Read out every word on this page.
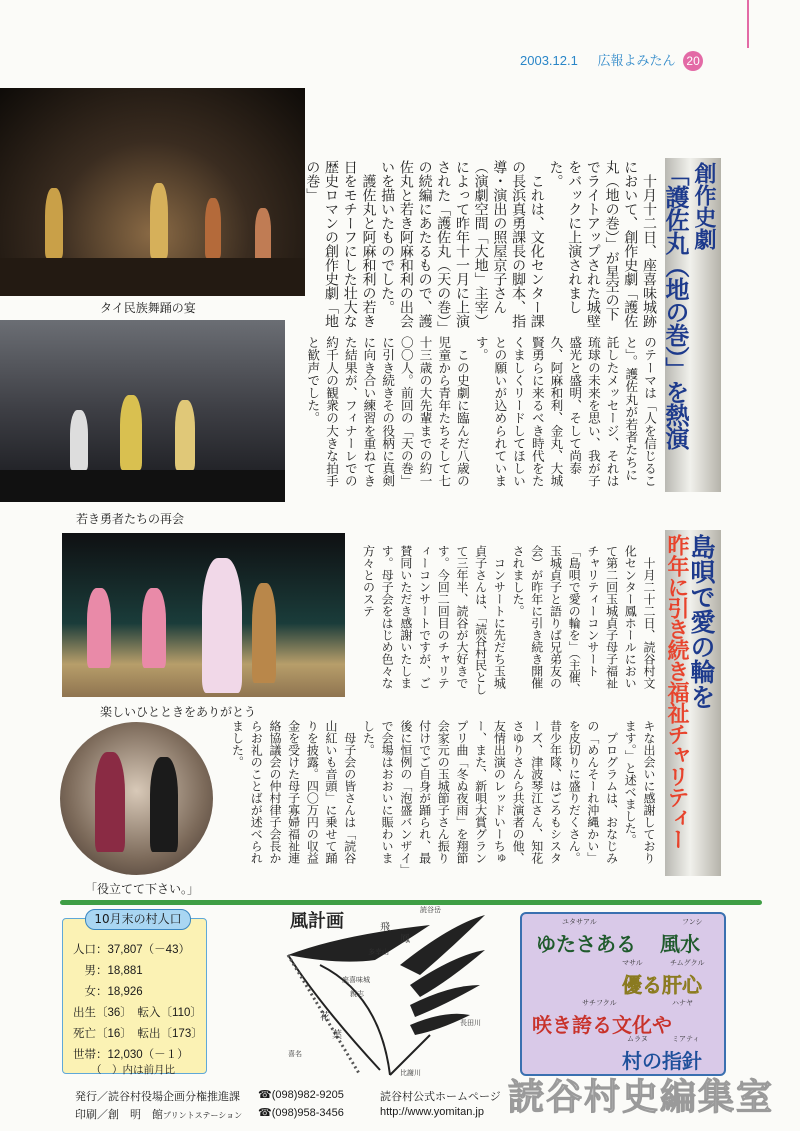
2003.12.1 広報よみたん 20
タイ民族舞踊の宴
若き勇者たちの再会
楽しいひとときをありがとう
「役立てて下さい。」
創作史劇
「護佐丸（地の巻）」を熱演

　十月十二日、座喜味城跡において、創作史劇「護佐丸（地の巻）」が星空の下でライトアップされた城壁をバックに上演されました。

　これは、文化センター課の長浜真勇課長の脚本、指導・演出の照屋京子さん（演劇空間「大地」主宰）によって昨年十一月に上演された「護佐丸（天の巻）」の続編にあたるもので、護佐丸と若き阿麻和利の出会いを描いたものでした。

　護佐丸と阿麻和利の若き日をモチーフにした壮大な歴史ロマンの創作史劇「地の巻」

のテーマは「人を信じること」。護佐丸が若者たちに託したメッセージ、それは琉球の未来を思い、我が子盛光と盛明、そして尚泰久、阿麻和利、金丸、大城賢勇らに来るべき時代をたくましくリードしてほしいとの願いが込められています。

　この史劇に臨んだ八歳の児童から青年たちそして七十三歳の大先輩までの約一〇〇人。前回の「天の巻」に引き続きその役柄に真剣に向き合い練習を重ねてきた結果が、フィナーレでの約千人の観衆の大きな拍手と歓声でした。

島唄で愛の輪を
昨年に引き続き福祉チャリティー

　十月二十二日、読谷村文化センター鳳ホールにおいて第二回玉城貞子母子福祉チャリティーコンサート「島唄で愛の輪を」（主催、玉城貞子と語りば兄弟友の会）が昨年に引き続き開催されました。

　コンサートに先だち玉城貞子さんは、「読谷村民として三年半、読谷が大好きです。今回二回目のチャリティーコンサートですが、ご賛同いただき感謝いたします。母子会をはじめ色々な方々とのステ

キな出会いに感謝しております。」と述べました。

　プログラムは、おなじみの「めんそーれ沖縄かい」を皮切りに盛りだくさん。昔少年隊、はごろもシスターズ、津波琴江さん、知花さゆりさんら共演者の他、友情出演のレッドいーちゅー、また、新唄大賞グランプリ曲「冬ぬ夜雨」を翔節会家元の玉城節子さん振り付けでご自身が踊られ、最後に恒例の「泡盛バンザイ」で会場はおおいに賑わいました。

　母子会の皆さんは「読谷山紅いも音頭」に乗せて踊りを披露。四〇万円の収益金を受けた母子寡婦福祉連絡協議会の仲村律子会長からお礼のことばが述べられました。

人口：37,807（－43）
　男：18,881
　女：18,926
出生〔36〕　転入〔110〕
死亡〔16〕　転出〔173〕
世帯：12,030（－１）
（　）内は前月比
10月末の村人口	風計画
読谷岳
飛
鳳
多幸山
座喜味城
親志
花
葉
喜名
長田川
比謝川
ユタサアル	フンシ
ゆたさある 風水
マサル	チムグクル
優る肝心
サチフクル	ハナヤ
咲き誇る文化や
ムラヌ	ミアティ
村の指針
発行／読谷村役場企画分権推進課 ☎(098)982-9205
印刷／創　明　館プリントステーション ☎(098)958-3456
読谷村公式ホームページ
http://www.yomitan.jp 読谷村史編集室
